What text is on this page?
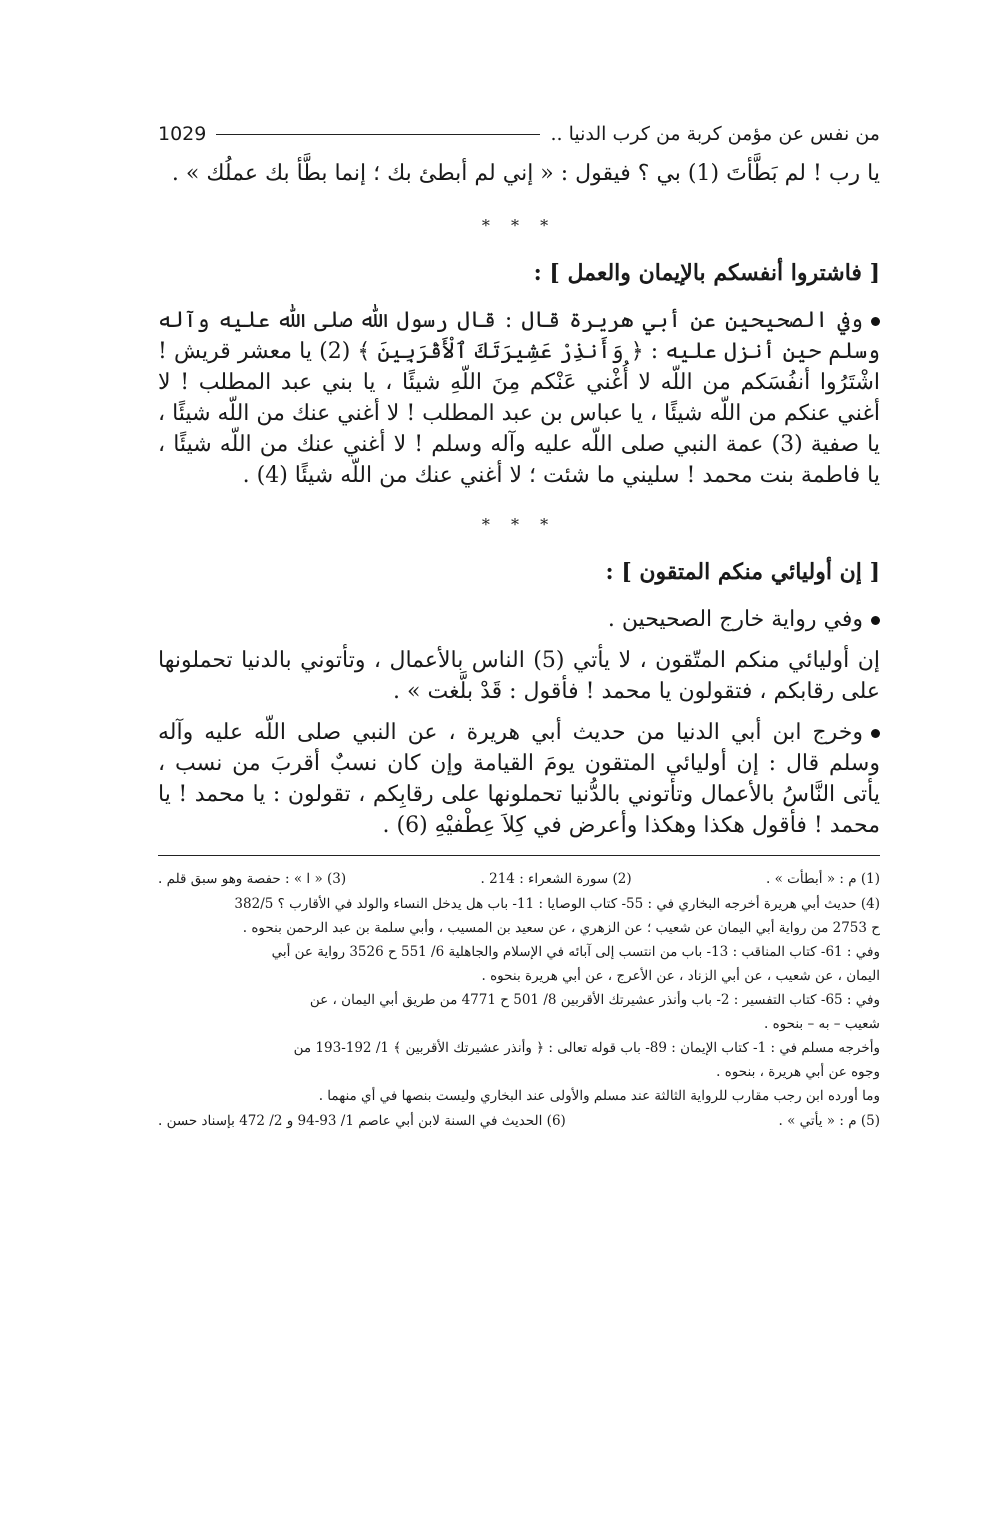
من نفس عن مؤمن كربة من كرب الدنيا ..
1029

يا رب ! لم بَطَّأتَ (1) بي ؟ فيقول : « إني لم أبطئ بك ؛ إنما بطَّأ بك عملُك » .

* * *

[ فاشتروا أنفسكم بالإيمان والعمل ] :

وفي الصحيحين عن أبي هريرة قال : قال رسول اللّٰه صلى اللّٰه عليه وآله وسلم حين أنزل عليه : ﴿ وَأَنذِرْ عَشِيرَتَكَ ٱلْأَقْرَبِينَ ﴾ (2) يا معشر قريش ! اشْتَرُوا أنفُسَكم من اللّه لا أُغْني عَنْكم مِنَ اللّهِ شيئًا ، يا بني عبد المطلب ! لا أغني عنكم من اللّه شيئًا ، يا عباس بن عبد المطلب ! لا أغني عنك من اللّه شيئًا ، يا صفية (3) عمة النبي صلى اللّه عليه وآله وسلم ! لا أغني عنك من اللّه شيئًا ، يا فاطمة بنت محمد ! سليني ما شئت ؛ لا أغني عنك من اللّه شيئًا (4) .

* * *

[ إن أوليائي منكم المتقون ] :

وفي رواية خارج الصحيحين .

إن أوليائي منكم المتّقون ، لا يأتي (5) الناس بالأعمال ، وتأتوني بالدنيا تحملونها على رقابكم ، فتقولون يا محمد ! فأقول : قَدْ بلَّغت » .

وخرج ابن أبي الدنيا من حديث أبي هريرة ، عن النبي صلى اللّه عليه وآله وسلم قال : إن أوليائي المتقون يومَ القيامة وإن كان نسبٌ أقربَ من نسب ، يأتى النَّاسُ بالأعمال وتأتوني بالدُّنيا تحملونها على رقابِكم ، تقولون : يا محمد ! يا محمد ! فأقول هكذا وهكذا وأعرض في كِلاَ عِطْفيْهِ (6) .

(1) م : « أبطأت » .
(2) سورة الشعراء : 214 .
(3) « ا » : حفصة وهو سبق قلم .

(4) حديث أبي هريرة أخرجه البخاري في : 55- كتاب الوصايا : 11- باب هل يدخل النساء والولد في الأقارب ؟ 382/5

ح 2753 من رواية أبي اليمان عن شعيب ؛ عن الزهري ، عن سعيد بن المسيب ، وأبي سلمة بن عبد الرحمن بنحوه .

وفي : 61- كتاب المناقب : 13- باب من انتسب إلى آبائه في الإسلام والجاهلية 6/ 551 ح 3526 رواية عن أبي

اليمان ، عن شعيب ، عن أبي الزناد ، عن الأعرج ، عن أبي هريرة بنحوه .

وفي : 65- كتاب التفسير : 2- باب وأنذر عشيرتك الأقربين 8/ 501 ح 4771 من طريق أبي اليمان ، عن

شعيب – به – بنحوه .

وأخرجه مسلم في : 1- كتاب الإيمان : 89- باب قوله تعالى : ﴿ وأنذر عشيرتك الأقربين ﴾ 1/ 192-193 من

وجوه عن أبي هريرة ، بنحوه .

وما أورده ابن رجب مقارب للرواية الثالثة عند مسلم والأولى عند البخاري وليست بنصها في أي منهما .

(5) م : « يأتي » .
(6) الحديث في السنة لابن أبي عاصم 1/ 93-94 و 2/ 472 بإسناد حسن .
